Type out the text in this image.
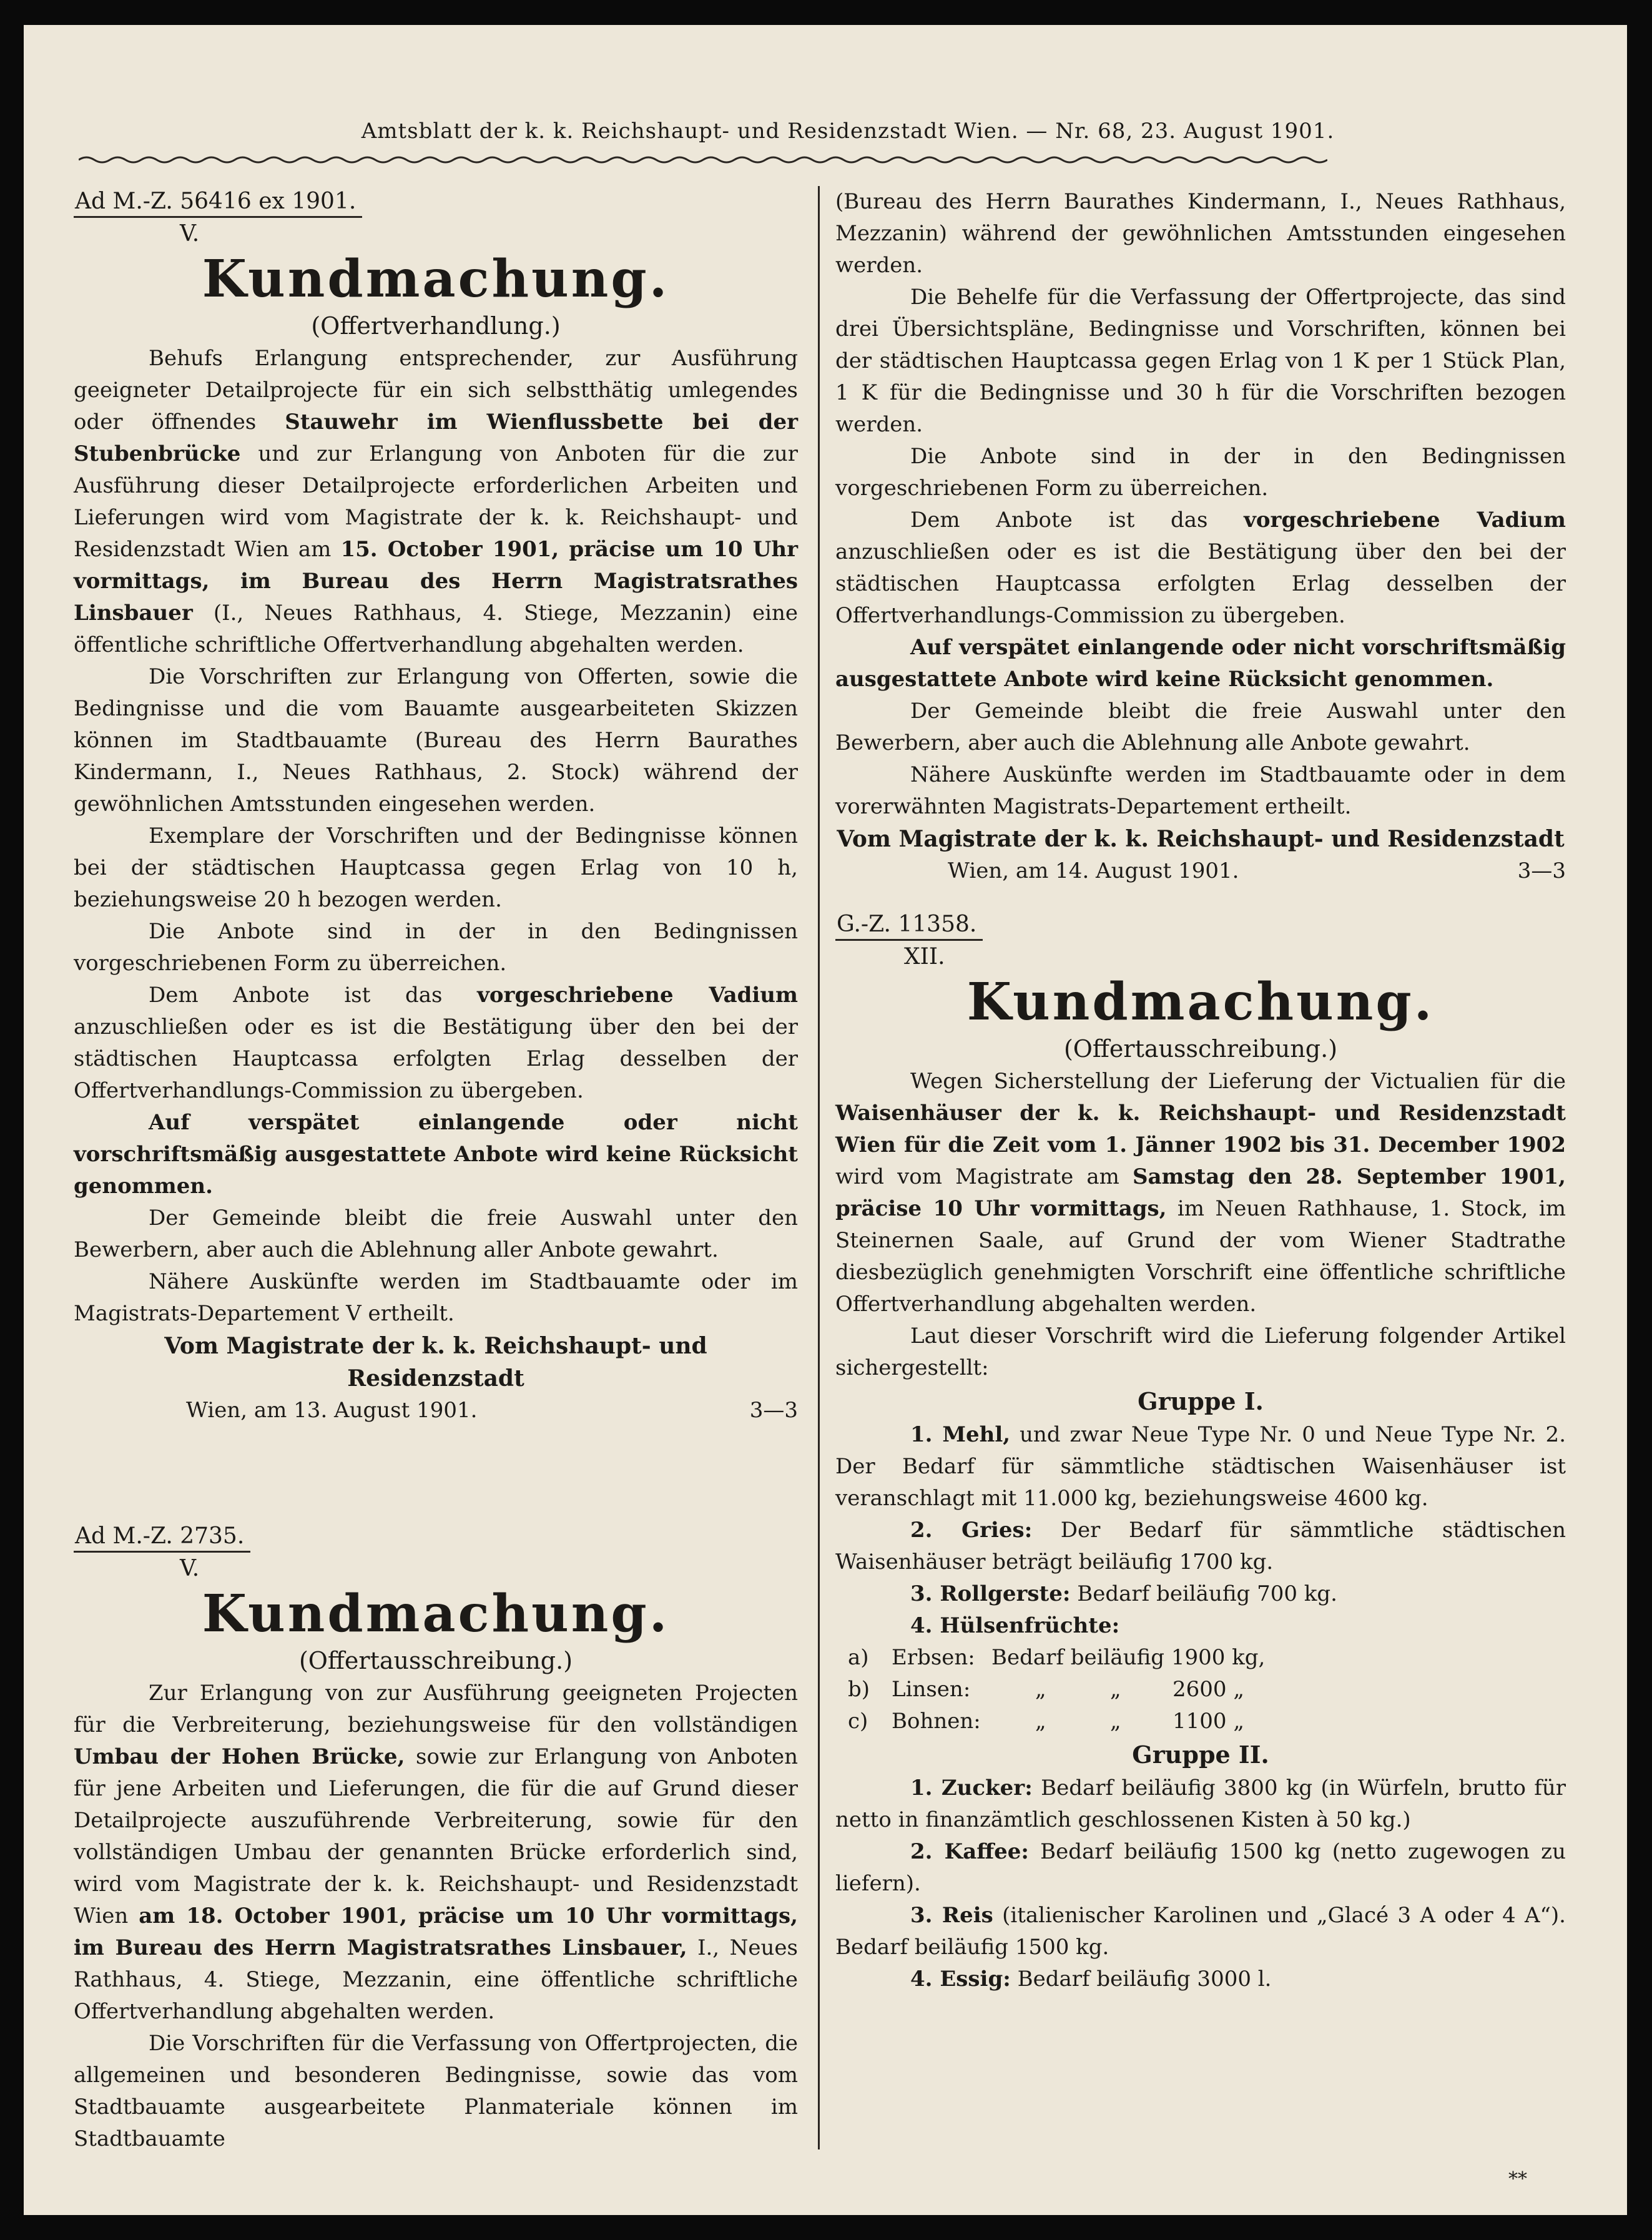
Amtsblatt der k. k. Reichshaupt- und Residenzstadt Wien. — Nr. 68, 23. August 1901.
Ad M.-Z. 56416 ex 1901.
V.
Kundmachung.
(Offertverhandlung.)

Behufs Erlangung entsprechender, zur Ausführung geeigneter Detailprojecte für ein sich selbstthätig umlegendes oder öffnendes Stauwehr im Wienflussbette bei der Stubenbrücke und zur Erlangung von Anboten für die zur Ausführung dieser Detailprojecte erforderlichen Arbeiten und Lieferungen wird vom Magistrate der k. k. Reichshaupt- und Residenzstadt Wien am 15. October 1901, präcise um 10 Uhr vormittags, im Bureau des Herrn Magistratsrathes Linsbauer (I., Neues Rathhaus, 4. Stiege, Mezzanin) eine öffentliche schriftliche Offertverhandlung abgehalten werden.

Die Vorschriften zur Erlangung von Offerten, sowie die Bedingnisse und die vom Bauamte ausgearbeiteten Skizzen können im Stadtbauamte (Bureau des Herrn Baurathes Kindermann, I., Neues Rathhaus, 2. Stock) während der gewöhnlichen Amtsstunden eingesehen werden.

Exemplare der Vorschriften und der Bedingnisse können bei der städtischen Hauptcassa gegen Erlag von 10 h, beziehungsweise 20 h bezogen werden.

Die Anbote sind in der in den Bedingnissen vorgeschriebenen Form zu überreichen.

Dem Anbote ist das vorgeschriebene Vadium anzuschließen oder es ist die Bestätigung über den bei der städtischen Hauptcassa erfolgten Erlag desselben der Offertverhandlungs-Commission zu übergeben.

Auf verspätet einlangende oder nicht vorschriftsmäßig ausgestattete Anbote wird keine Rücksicht genommen.

Der Gemeinde bleibt die freie Auswahl unter den Bewerbern, aber auch die Ablehnung aller Anbote gewahrt.

Nähere Auskünfte werden im Stadtbauamte oder im Magistrats-Departement V ertheilt.

Vom Magistrate der k. k. Reichshaupt- und Residenzstadt
Wien, am 13. August 1901.	3—3
Ad M.-Z. 2735.
V.
Kundmachung.
(Offertausschreibung.)

Zur Erlangung von zur Ausführung geeigneten Projecten für die Verbreiterung, beziehungsweise für den vollständigen Umbau der Hohen Brücke, sowie zur Erlangung von Anboten für jene Arbeiten und Lieferungen, die für die auf Grund dieser Detailprojecte auszuführende Verbreiterung, sowie für den vollständigen Umbau der genannten Brücke erforderlich sind, wird vom Magistrate der k. k. Reichshaupt- und Residenzstadt Wien am 18. October 1901, präcise um 10 Uhr vormittags, im Bureau des Herrn Magistratsrathes Linsbauer, I., Neues Rathhaus, 4. Stiege, Mezzanin, eine öffentliche schriftliche Offertverhandlung abgehalten werden.

Die Vorschriften für die Verfassung von Offertprojecten, die allgemeinen und besonderen Bedingnisse, sowie das vom Stadtbauamte ausgearbeitete Planmateriale können im Stadtbauamte

(Bureau des Herrn Baurathes Kindermann, I., Neues Rathhaus, Mezzanin) während der gewöhnlichen Amtsstunden eingesehen werden.

Die Behelfe für die Verfassung der Offertprojecte, das sind drei Übersichtspläne, Bedingnisse und Vorschriften, können bei der städtischen Hauptcassa gegen Erlag von 1 K per 1 Stück Plan, 1 K für die Bedingnisse und 30 h für die Vorschriften bezogen werden.

Die Anbote sind in der in den Bedingnissen vorgeschriebenen Form zu überreichen.

Dem Anbote ist das vorgeschriebene Vadium anzuschließen oder es ist die Bestätigung über den bei der städtischen Hauptcassa erfolgten Erlag desselben der Offertverhandlungs-Commission zu übergeben.

Auf verspätet einlangende oder nicht vorschriftsmäßig ausgestattete Anbote wird keine Rücksicht genommen.

Der Gemeinde bleibt die freie Auswahl unter den Bewerbern, aber auch die Ablehnung alle Anbote gewahrt.

Nähere Auskünfte werden im Stadtbauamte oder in dem vorerwähnten Magistrats-Departement ertheilt.

Vom Magistrate der k. k. Reichshaupt- und Residenzstadt
Wien, am 14. August 1901.	3—3
G.-Z. 11358.
XII.
Kundmachung.
(Offertausschreibung.)

Wegen Sicherstellung der Lieferung der Victualien für die Waisenhäuser der k. k. Reichshaupt- und Residenzstadt Wien für die Zeit vom 1. Jänner 1902 bis 31. December 1902 wird vom Magistrate am Samstag den 28. September 1901, präcise 10 Uhr vormittags, im Neuen Rathhause, 1. Stock, im Steinernen Saale, auf Grund der vom Wiener Stadtrathe diesbezüglich genehmigten Vorschrift eine öffentliche schriftliche Offertverhandlung abgehalten werden.

Laut dieser Vorschrift wird die Lieferung folgender Artikel sichergestellt:

Gruppe I.

1. Mehl, und zwar Neue Type Nr. 0 und Neue Type Nr. 2. Der Bedarf für sämmtliche städtischen Waisenhäuser ist veranschlagt mit 11.000 kg, beziehungsweise 4600 kg.

2. Gries: Der Bedarf für sämmtliche städtischen Waisenhäuser beträgt beiläufig 1700 kg.

3. Rollgerste: Bedarf beiläufig 700 kg.

4. Hülsenfrüchte:

a) Erbsen: Bedarf beiläufig 1900 kg,
b) Linsen:	„	„ 2600 „
c) Bohnen:	„	„ 1100 „
Gruppe II.

1. Zucker: Bedarf beiläufig 3800 kg (in Würfeln, brutto für netto in finanzämtlich geschlossenen Kisten à 50 kg.)

2. Kaffee: Bedarf beiläufig 1500 kg (netto zugewogen zu liefern).

3. Reis (italienischer Karolinen und „Glacé 3 A oder 4 A“). Bedarf beiläufig 1500 kg.

4. Essig: Bedarf beiläufig 3000 l.

**
